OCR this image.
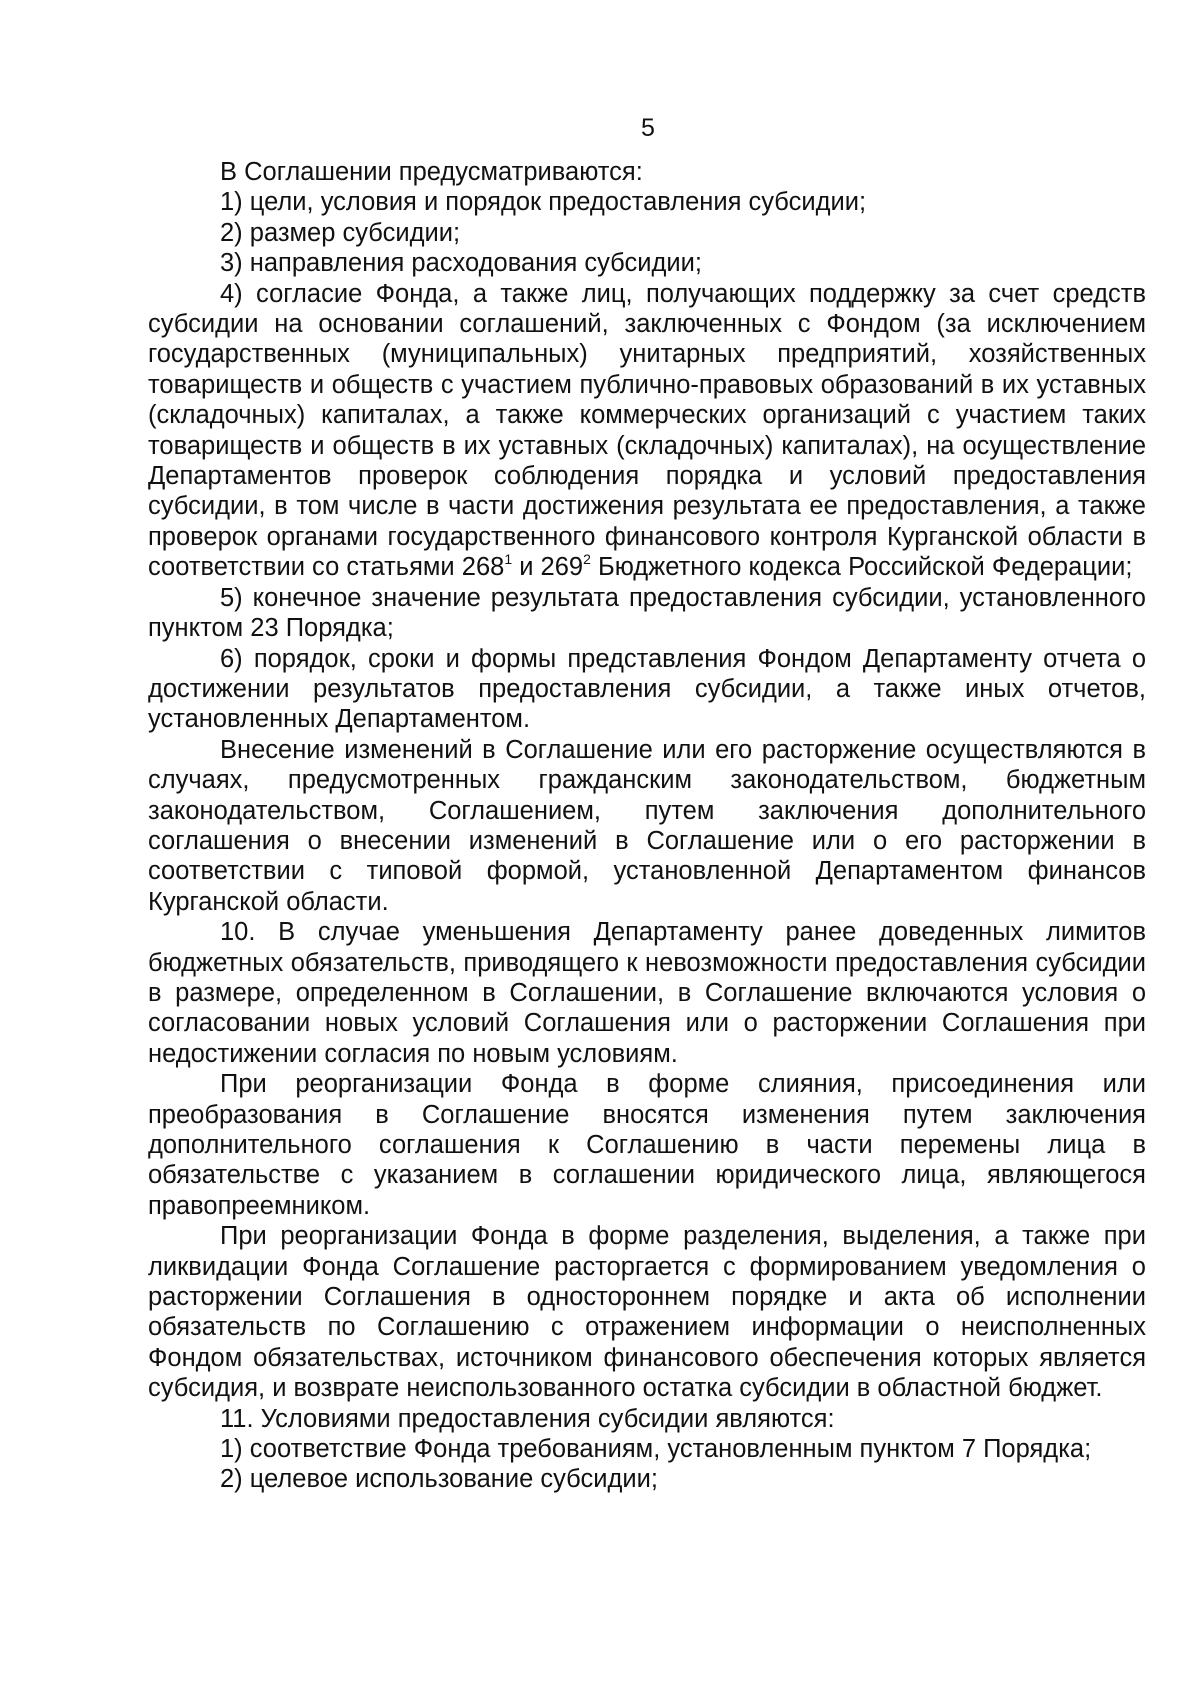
5

В Соглашении предусматриваются:

1) цели, условия и порядок предоставления субсидии;

2) размер субсидии;

3) направления расходования субсидии;

4) согласие Фонда, а также лиц, получающих поддержку за счет средств субсидии на основании соглашений, заключенных с Фондом (за исключением государственных (муниципальных) унитарных предприятий, хозяйственных товариществ и обществ с участием публично-правовых образований в их уставных (складочных) капиталах, а также коммерческих организаций с участием таких товариществ и обществ в их уставных (складочных) капиталах), на осуществление Департаментов проверок соблюдения порядка и условий предоставления субсидии, в том числе в части достижения результата ее предоставления, а также проверок органами государственного финансового контроля Курганской области в соответствии со статьями $268^1$ и $269^2$ Бюджетного кодекса Российской Федерации;

5) конечное значение результата предоставления субсидии, установленного пунктом 23 Порядка;

6) порядок, сроки и формы представления Фондом Департаменту отчета о достижении результатов предоставления субсидии, а также иных отчетов, установленных Департаментом.

Внесение изменений в Соглашение или его расторжение осуществляются в случаях, предусмотренных гражданским законодательством, бюджетным законодательством, Соглашением, путем заключения дополнительного соглашения о внесении изменений в Соглашение или о его расторжении в соответствии с типовой формой, установленной Департаментом финансов Курганской области.

10. В случае уменьшения Департаменту ранее доведенных лимитов бюджетных обязательств, приводящего к невозможности предоставления субсидии в размере, определенном в Соглашении, в Соглашение включаются условия о согласовании новых условий Соглашения или о расторжении Соглашения при недостижении согласия по новым условиям.

При реорганизации Фонда в форме слияния, присоединения или преобразования в Соглашение вносятся изменения путем заключения дополнительного соглашения к Соглашению в части перемены лица в обязательстве с указанием в соглашении юридического лица, являющегося правопреемником.

При реорганизации Фонда в форме разделения, выделения, а также при ликвидации Фонда Соглашение расторгается с формированием уведомления о расторжении Соглашения в одностороннем порядке и акта об исполнении обязательств по Соглашению с отражением информации о неисполненных Фондом обязательствах, источником финансового обеспечения которых является субсидия, и возврате неиспользованного остатка субсидии в областной бюджет.

11. Условиями предоставления субсидии являются:

1) соответствие Фонда требованиям, установленным пунктом 7 Порядка;

2) целевое использование субсидии;
